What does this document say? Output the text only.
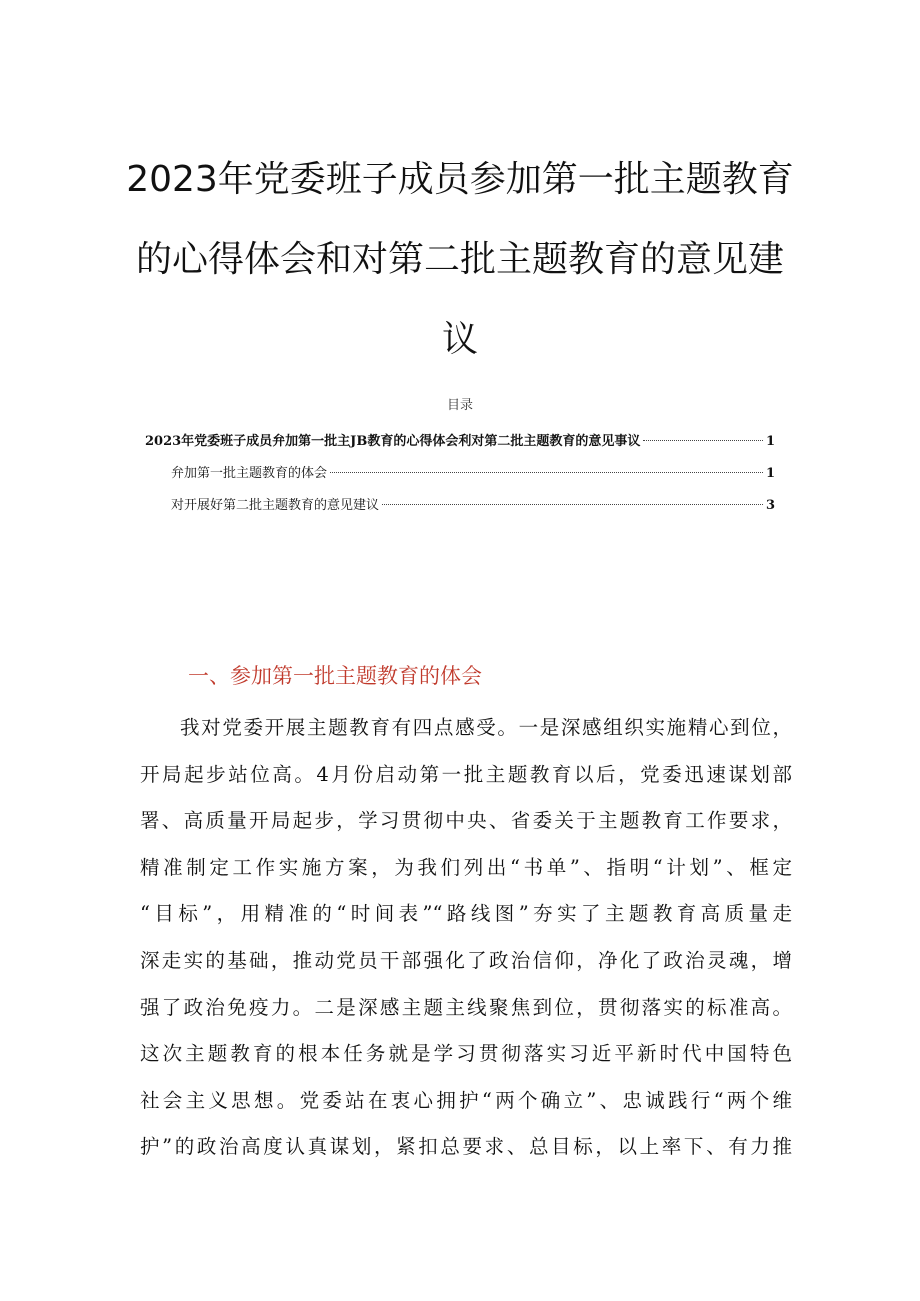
2023年党委班子成员参加第一批主题教育
的心得体会和对第二批主题教育的意见建
议
目录
2023年党委班子成员弁加第一批主JB教育的心得体会利对第二批主题教育的意见事议	1
弁加第一批主题教育的体会	1
对开展好第二批主题教育的意见建议	3
一、参加第一批主题教育的体会
我对党委开展主题教育有四点感受。一是深感组织实施精心到位，
开局起步站位高。4月份启动第一批主题教育以后，党委迅速谋划部
署、高质量开局起步，学习贯彻中央、省委关于主题教育工作要求，
精准制定工作实施方案，为我们列出“书单”、指明“计划”、框定
“目标”，用精准的“时间表”“路线图”夯实了主题教育高质量走
深走实的基础，推动党员干部强化了政治信仰，净化了政治灵魂，增
强了政治免疫力。二是深感主题主线聚焦到位，贯彻落实的标准高。
这次主题教育的根本任务就是学习贯彻落实习近平新时代中国特色
社会主义思想。党委站在衷心拥护“两个确立”、忠诚践行“两个维
护”的政治高度认真谋划，紧扣总要求、总目标，以上率下、有力推
